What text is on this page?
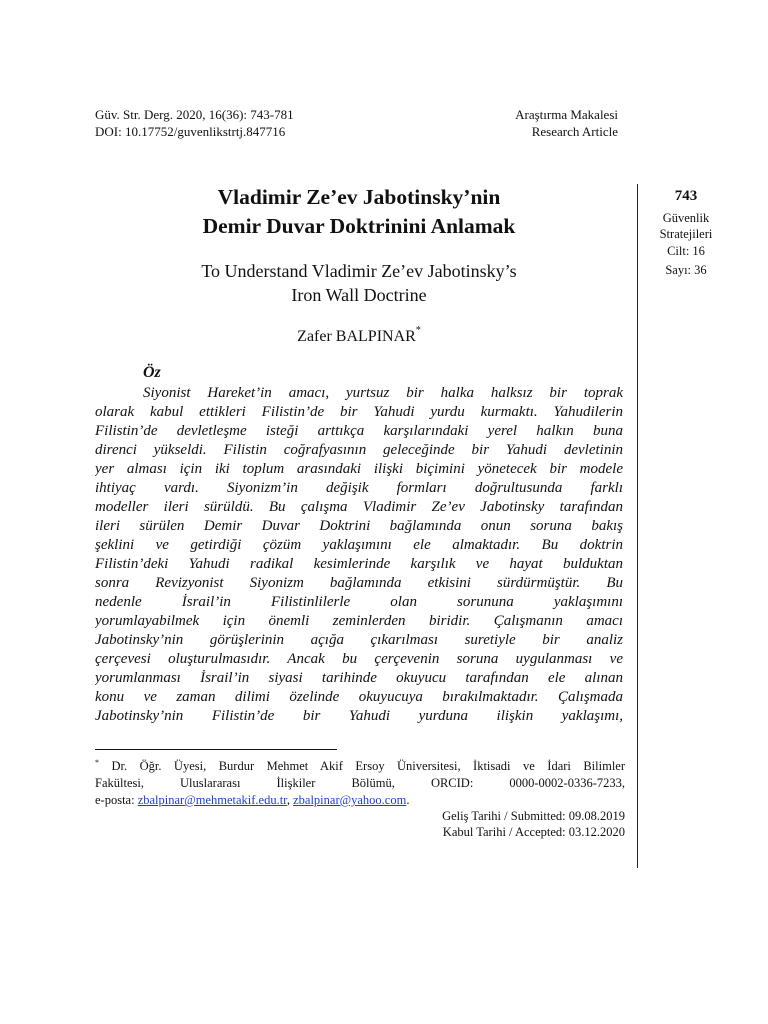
Güv. Str. Derg. 2020, 16(36): 743-781
DOI: 10.17752/guvenlikstrtj.847716
Araştırma Makalesi
Research Article
743
Güvenlik
Stratejileri
Cilt: 16
Sayı: 36
Vladimir Ze’ev Jabotinsky’nin
Demir Duvar Doktrinini Anlamak
To Understand Vladimir Ze’ev Jabotinsky’s
Iron Wall Doctrine
Zafer BALPINAR*
Öz
Siyonist Hareket’in amacı, yurtsuz bir halka halksız bir toprak
olarak kabul ettikleri Filistin’de bir Yahudi yurdu kurmaktı. Yahudilerin
Filistin’de devletleşme isteği arttıkça karşılarındaki yerel halkın buna
direnci yükseldi. Filistin coğrafyasının geleceğinde bir Yahudi devletinin
yer alması için iki toplum arasındaki ilişki biçimini yönetecek bir modele
ihtiyaç vardı. Siyonizm’in değişik formları doğrultusunda farklı
modeller ileri sürüldü. Bu çalışma Vladimir Ze’ev Jabotinsky tarafından
ileri sürülen Demir Duvar Doktrini bağlamında onun soruna bakış
şeklini ve getirdiği çözüm yaklaşımını ele almaktadır. Bu doktrin
Filistin’deki Yahudi radikal kesimlerinde karşılık ve hayat bulduktan
sonra Revizyonist Siyonizm bağlamında etkisini sürdürmüştür. Bu
nedenle İsrail’in Filistinlilerle olan sorununa yaklaşımını
yorumlayabilmek için önemli zeminlerden biridir. Çalışmanın amacı
Jabotinsky’nin görüşlerinin açığa çıkarılması suretiyle bir analiz
çerçevesi oluşturulmasıdır. Ancak bu çerçevenin soruna uygulanması ve
yorumlanması İsrail’in siyasi tarihinde okuyucu tarafından ele alınan
konu ve zaman dilimi özelinde okuyucuya bırakılmaktadır. Çalışmada
Jabotinsky’nin Filistin’de bir Yahudi yurduna ilişkin yaklaşımı,
* Dr. Öğr. Üyesi, Burdur Mehmet Akif Ersoy Üniversitesi, İktisadi ve İdari Bilimler
Fakültesi, Uluslararası İlişkiler Bölümü, ORCID: 0000-0002-0336-7233,
e-posta: zbalpinar@mehmetakif.edu.tr, zbalpinar@yahoo.com.
Geliş Tarihi / Submitted: 09.08.2019
Kabul Tarihi / Accepted: 03.12.2020
